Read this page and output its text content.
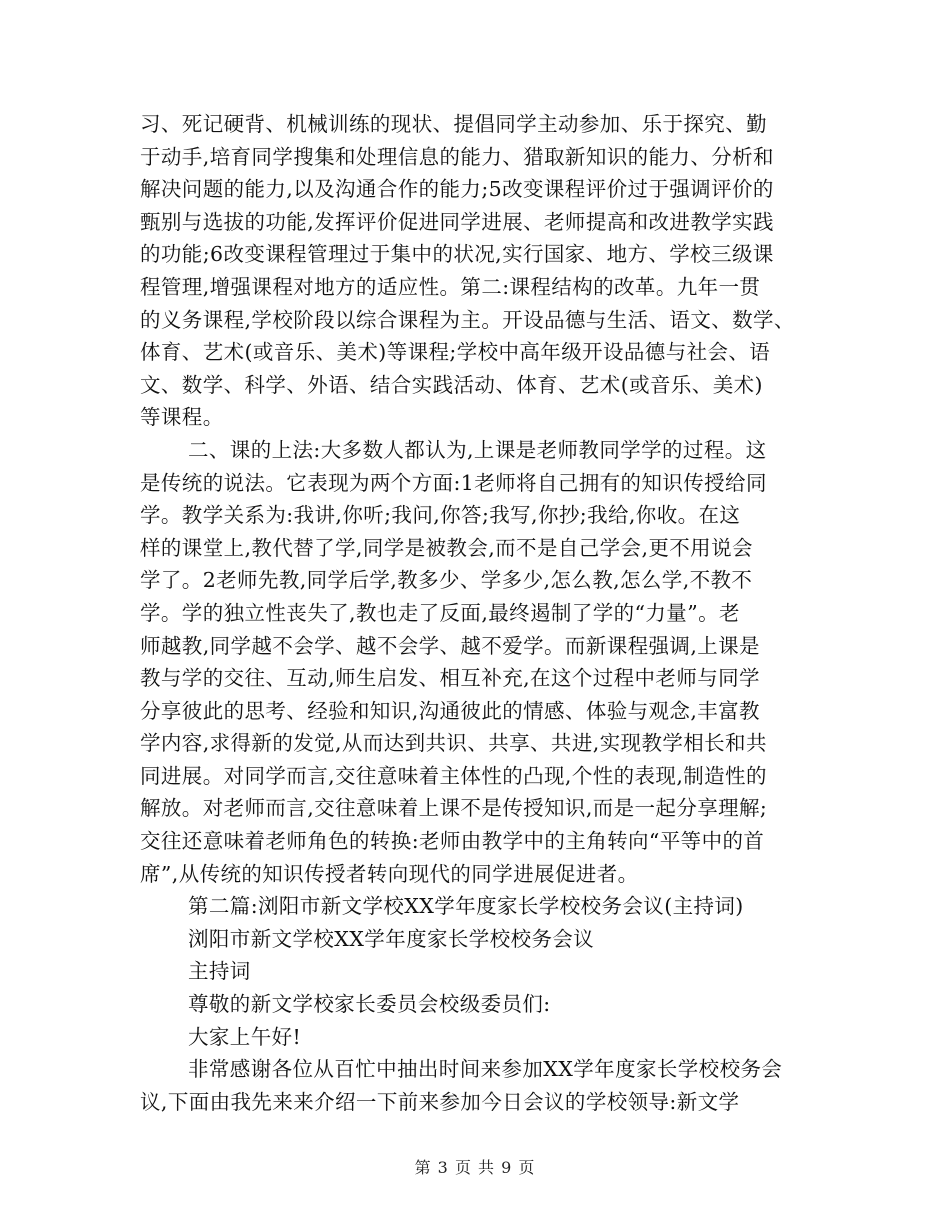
习、死记硬背、机械训练的现状、提倡同学主动参加、乐于探究、勤
于动手,培育同学搜集和处理信息的能力、猎取新知识的能力、分析和
解决问题的能力,以及沟通合作的能力;5改变课程评价过于强调评价的
甄别与选拔的功能,发挥评价促进同学进展、老师提高和改进教学实践
的功能;6改变课程管理过于集中的状况,实行国家、地方、学校三级课
程管理,增强课程对地方的适应性。第二:课程结构的改革。九年一贯
的义务课程,学校阶段以综合课程为主。开设品德与生活、语文、数学、
体育、艺术(或音乐、美术)等课程;学校中高年级开设品德与社会、语
文、数学、科学、外语、结合实践活动、体育、艺术(或音乐、美术)
等课程。
二、课的上法:大多数人都认为,上课是老师教同学学的过程。这
是传统的说法。它表现为两个方面:1老师将自己拥有的知识传授给同
学。教学关系为:我讲,你听;我问,你答;我写,你抄;我给,你收。在这
样的课堂上,教代替了学,同学是被教会,而不是自己学会,更不用说会
学了。2老师先教,同学后学,教多少、学多少,怎么教,怎么学,不教不
学。学的独立性丧失了,教也走了反面,最终遏制了学的“力量”。老
师越教,同学越不会学、越不会学、越不爱学。而新课程强调,上课是
教与学的交往、互动,师生启发、相互补充,在这个过程中老师与同学
分享彼此的思考、经验和知识,沟通彼此的情感、体验与观念,丰富教
学内容,求得新的发觉,从而达到共识、共享、共进,实现教学相长和共
同进展。对同学而言,交往意味着主体性的凸现,个性的表现,制造性的
解放。对老师而言,交往意味着上课不是传授知识,而是一起分享理解;
交往还意味着老师角色的转换:老师由教学中的主角转向“平等中的首
席”,从传统的知识传授者转向现代的同学进展促进者。
第二篇:浏阳市新文学校XX学年度家长学校校务会议(主持词)
浏阳市新文学校XX学年度家长学校校务会议
主持词
尊敬的新文学校家长委员会校级委员们:
大家上午好!
非常感谢各位从百忙中抽出时间来参加XX学年度家长学校校务会
议,下面由我先来来介绍一下前来参加今日会议的学校领导:新文学
第 3 页 共 9 页
